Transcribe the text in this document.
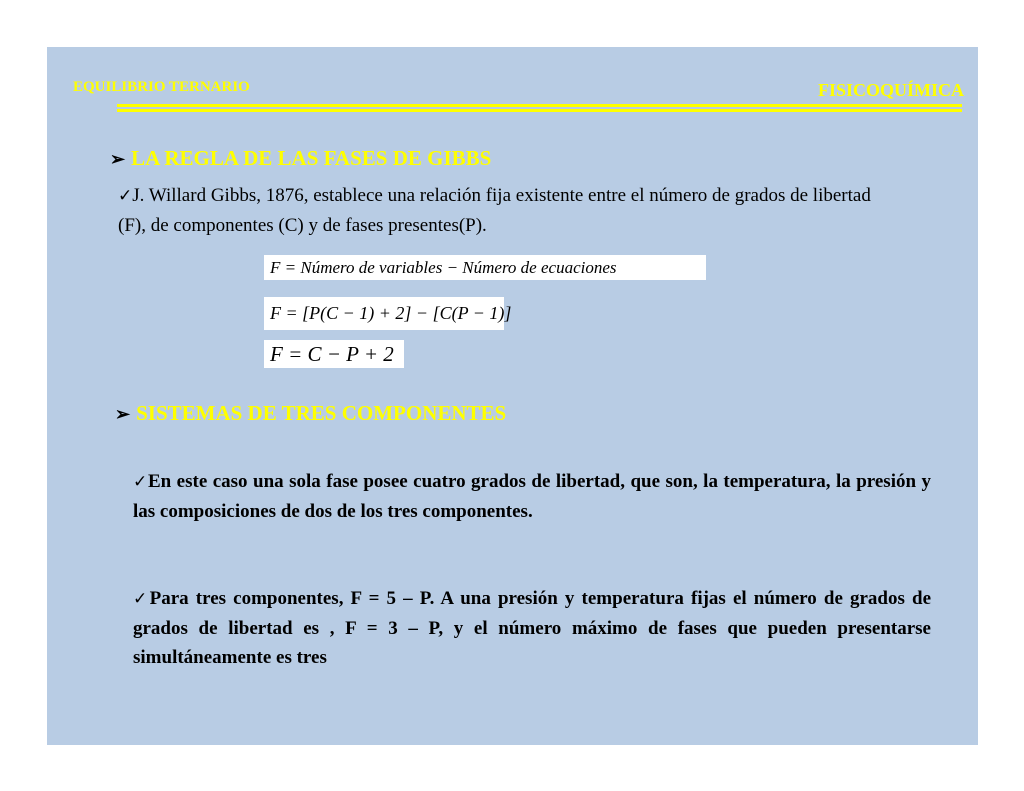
EQUILIBRIO TERNARIO	FISICOQUÍMICA
➢ LA REGLA DE LAS FASES DE GIBBS
✓J. Willard Gibbs, 1876, establece una relación fija existente entre el número de grados de libertad (F), de componentes (C) y de fases presentes(P).
F = Número de variables − Número de ecuaciones
F = [P(C − 1) + 2] − [C(P − 1)]
F = C − P + 2
➢ SISTEMAS DE TRES COMPONENTES
✓En este caso una sola fase posee cuatro grados de libertad, que son, la temperatura, la presión y las composiciones de dos de los tres componentes.
✓Para tres componentes, F = 5 – P. A una presión y temperatura fijas el número de grados de grados de libertad es , F = 3 – P, y el número máximo de fases que pueden presentarse simultáneamente es tres
